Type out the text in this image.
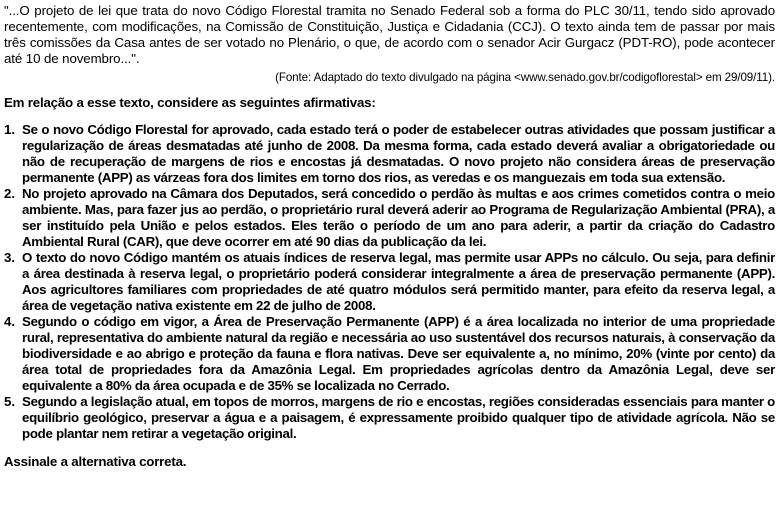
"...O projeto de lei que trata do novo Código Florestal tramita no Senado Federal sob a forma do PLC 30/11, tendo sido aprovado recentemente, com modificações, na Comissão de Constituição, Justiça e Cidadania (CCJ). O texto ainda tem de passar por mais três comissões da Casa antes de ser votado no Plenário, o que, de acordo com o senador Acir Gurgacz (PDT-RO), pode acontecer até 10 de novembro...".

(Fonte: Adaptado do texto divulgado na página <www.senado.gov.br/codigoflorestal> em 29/09/11).

Em relação a esse texto, considere as seguintes afirmativas:

1. Se o novo Código Florestal for aprovado, cada estado terá o poder de estabelecer outras atividades que possam justificar a regularização de áreas desmatadas até junho de 2008. Da mesma forma, cada estado deverá avaliar a obrigatoriedade ou não de recuperação de margens de rios e encostas já desmatadas. O novo projeto não considera áreas de preservação permanente (APP) as várzeas fora dos limites em torno dos rios, as veredas e os manguezais em toda sua extensão.
2. No projeto aprovado na Câmara dos Deputados, será concedido o perdão às multas e aos crimes cometidos contra o meio ambiente. Mas, para fazer jus ao perdão, o proprietário rural deverá aderir ao Programa de Regularização Ambiental (PRA), a ser instituído pela União e pelos estados. Eles terão o período de um ano para aderir, a partir da criação do Cadastro Ambiental Rural (CAR), que deve ocorrer em até 90 dias da publicação da lei.
3. O texto do novo Código mantém os atuais índices de reserva legal, mas permite usar APPs no cálculo. Ou seja, para definir a área destinada à reserva legal, o proprietário poderá considerar integralmente a área de preservação permanente (APP). Aos agricultores familiares com propriedades de até quatro módulos será permitido manter, para efeito da reserva legal, a área de vegetação nativa existente em 22 de julho de 2008.
4. Segundo o código em vigor, a Área de Preservação Permanente (APP) é a área localizada no interior de uma propriedade rural, representativa do ambiente natural da região e necessária ao uso sustentável dos recursos naturais, à conservação da biodiversidade e ao abrigo e proteção da fauna e flora nativas. Deve ser equivalente a, no mínimo, 20% (vinte por cento) da área total de propriedades fora da Amazônia Legal. Em propriedades agrícolas dentro da Amazônia Legal, deve ser equivalente a 80% da área ocupada e de 35% se localizada no Cerrado.
5. Segundo a legislação atual, em topos de morros, margens de rio e encostas, regiões consideradas essenciais para manter o equilíbrio geológico, preservar a água e a paisagem, é expressamente proibido qualquer tipo de atividade agrícola. Não se pode plantar nem retirar a vegetação original.

Assinale a alternativa correta.
